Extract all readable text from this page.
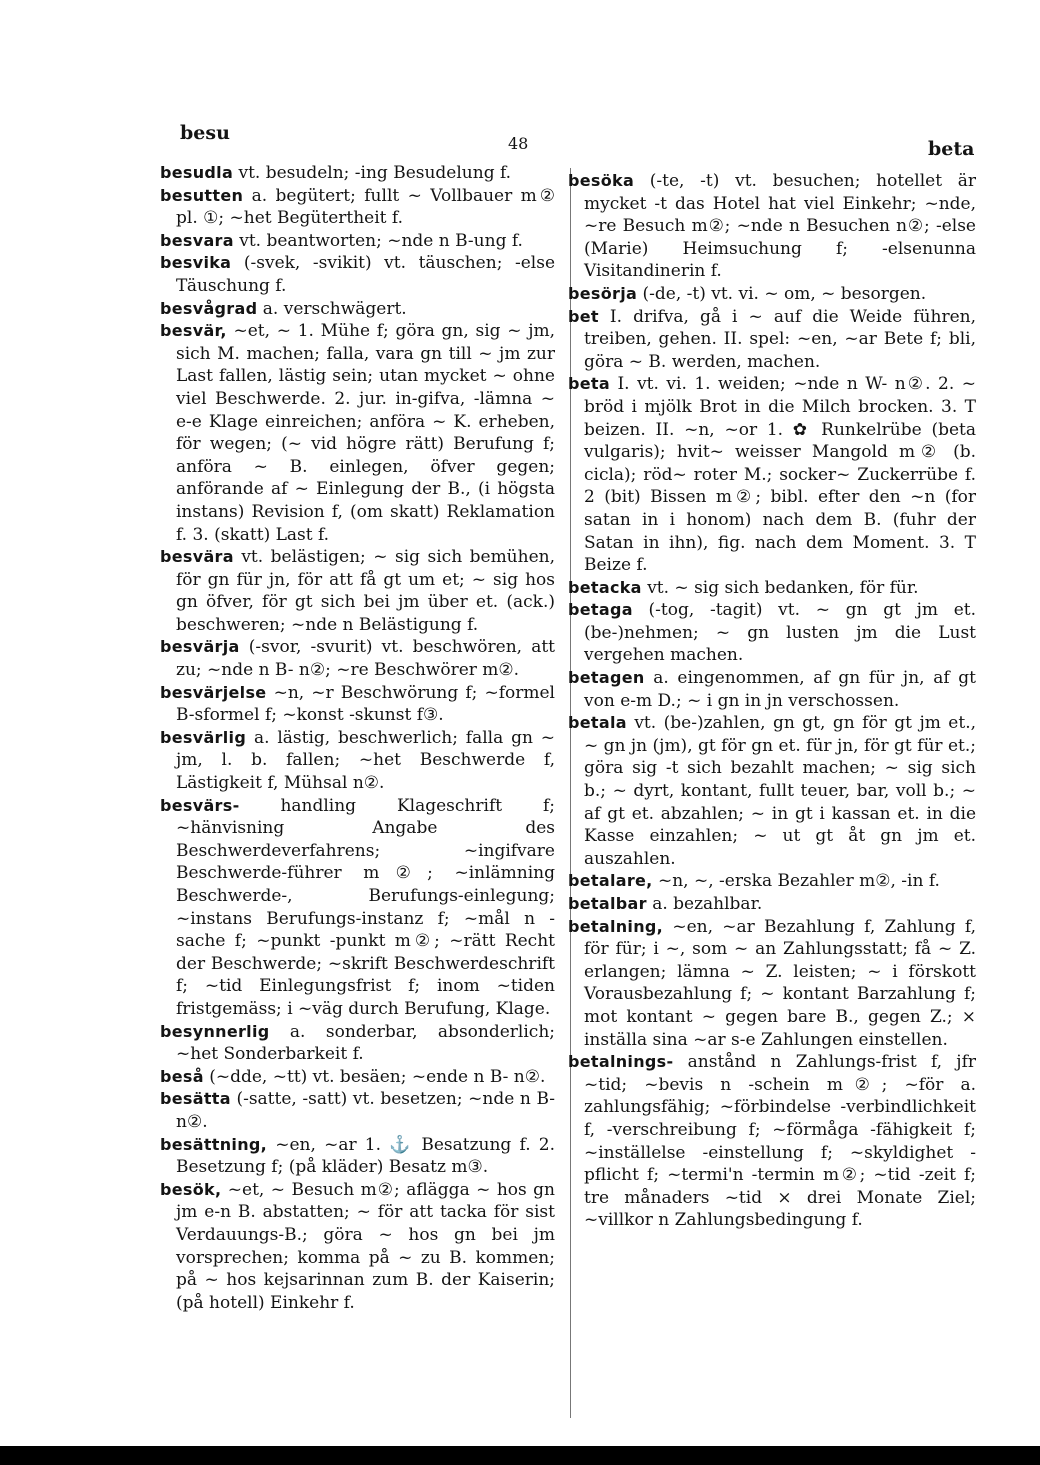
besu	48	beta

besudla vt. besudeln; -ing Besudelung f.

besutten a. begütert; fullt ~ Vollbauer m② pl. ①; ~het Begütertheit f.

besvara vt. beantworten; ~nde n B-ung f.

besvika (-svek, -svikit) vt. täuschen; -else Täuschung f.

besvågrad a. verschwägert.

besvär, ~et, ~ 1. Mühe f; göra gn, sig ~ jm, sich M. machen; falla, vara gn till ~ jm zur Last fallen, lästig sein; utan mycket ~ ohne viel Beschwerde. 2. jur. in-gifva, -lämna ~ e-e Klage einreichen; anföra ~ K. erheben, för wegen; (~ vid högre rätt) Berufung f; anföra ~ B. einlegen, öfver gegen; anförande af ~ Einlegung der B., (i högsta instans) Revision f, (om skatt) Reklamation f. 3. (skatt) Last f.

besvära vt. belästigen; ~ sig sich bemühen, för gn für jn, för att få gt um et; ~ sig hos gn öfver, för gt sich bei jm über et. (ack.) beschweren; ~nde n Belästigung f.

besvärja (-svor, -svurit) vt. beschwören, att zu; ~nde n B- n②; ~re Beschwörer m②.

besvärjelse ~n, ~r Beschwörung f; ~formel B-sformel f; ~konst -skunst f③.

besvärlig a. lästig, beschwerlich; falla gn ~ jm, l. b. fallen; ~het Beschwerde f, Lästigkeit f, Mühsal n②.

besvärs- handling Klageschrift f; ~hänvisning Angabe des Beschwerdeverfahrens; ~ingifvare Beschwerde-führer m②; ~inlämning Beschwerde-, Berufungs-einlegung; ~instans Berufungs-instanz f; ~mål n -sache f; ~punkt -punkt m②; ~rätt Recht der Beschwerde; ~skrift Beschwerdeschrift f; ~tid Einlegungsfrist f; inom ~tiden fristgemäss; i ~väg durch Berufung, Klage.

besynnerlig a. sonderbar, absonderlich; ~het Sonderbarkeit f.

beså (~dde, ~tt) vt. besäen; ~ende n B- n②.

besätta (-satte, -satt) vt. besetzen; ~nde n B- n②.

besättning, ~en, ~ar 1. ⚓ Besatzung f. 2. Besetzung f; (på kläder) Besatz m③.

besök, ~et, ~ Besuch m②; aflägga ~ hos gn jm e-n B. abstatten; ~ för att tacka för sist Verdauungs-B.; göra ~ hos gn bei jm vorsprechen; komma på ~ zu B. kommen; på ~ hos kejsarinnan zum B. der Kaiserin; (på hotell) Einkehr f.

besöka (-te, -t) vt. besuchen; hotellet är mycket -t das Hotel hat viel Einkehr; ~nde, ~re Besuch m②; ~nde n Besuchen n②; -else (Marie) Heimsuchung f; -elsenunna Visitandinerin f.

besörja (-de, -t) vt. vi. ~ om, ~ besorgen.

bet I. drifva, gå i ~ auf die Weide führen, treiben, gehen. II. spel: ~en, ~ar Bete f; bli, göra ~ B. werden, machen.

beta I. vt. vi. 1. weiden; ~nde n W- n②. 2. ~ bröd i mjölk Brot in die Milch brocken. 3. T beizen. II. ~n, ~or 1. ✿ Runkelrübe (beta vulgaris); hvit~ weisser Mangold m② (b. cicla); röd~ roter M.; socker~ Zuckerrübe f. 2 (bit) Bissen m②; bibl. efter den ~n (for satan in i honom) nach dem B. (fuhr der Satan in ihn), fig. nach dem Moment. 3. T Beize f.

betacka vt. ~ sig sich bedanken, för für.

betaga (-tog, -tagit) vt. ~ gn gt jm et. (be-)nehmen; ~ gn lusten jm die Lust vergehen machen.

betagen a. eingenommen, af gn für jn, af gt von e-m D.; ~ i gn in jn verschossen.

betala vt. (be-)zahlen, gn gt, gn för gt jm et., ~ gn jn (jm), gt för gn et. für jn, för gt für et.; göra sig -t sich bezahlt machen; ~ sig sich b.; ~ dyrt, kontant, fullt teuer, bar, voll b.; ~ af gt et. abzahlen; ~ in gt i kassan et. in die Kasse einzahlen; ~ ut gt åt gn jm et. auszahlen.

betalare, ~n, ~, -erska Bezahler m②, -in f.

betalbar a. bezahlbar.

betalning, ~en, ~ar Bezahlung f, Zahlung f, för für; i ~, som ~ an Zahlungsstatt; få ~ Z. erlangen; lämna ~ Z. leisten; ~ i förskott Vorausbezahlung f; ~ kontant Barzahlung f; mot kontant ~ gegen bare B., gegen Z.; × inställa sina ~ar s-e Zahlungen einstellen.

betalnings- anstånd n Zahlungs-frist f, jfr ~tid; ~bevis n -schein m②; ~för a. zahlungsfähig; ~förbindelse -verbindlichkeit f, -verschreibung f; ~förmåga -fähigkeit f; ~inställelse -einstellung f; ~skyldighet -pflicht f; ~termi'n -termin m②; ~tid -zeit f; tre månaders ~tid × drei Monate Ziel; ~villkor n Zahlungsbedingung f.
